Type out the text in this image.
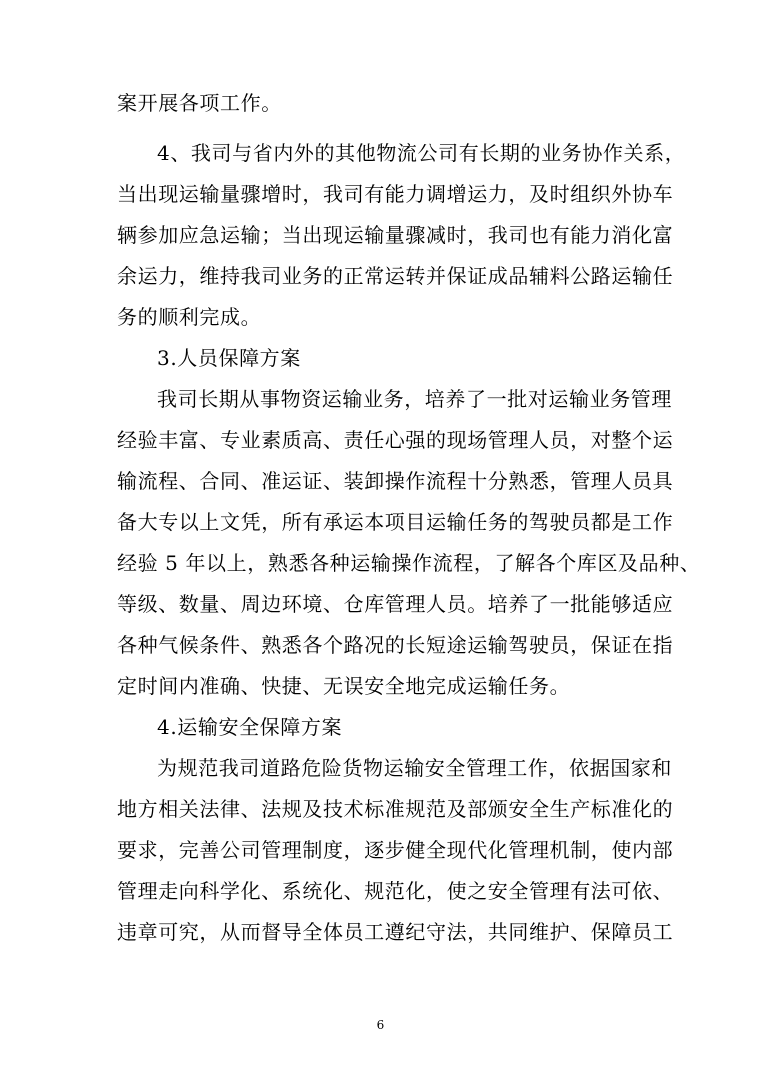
案开展各项工作。
4、我司与省内外的其他物流公司有长期的业务协作关系，
当出现运输量骤增时，我司有能力调增运力，及时组织外协车
辆参加应急运输；当出现运输量骤减时，我司也有能力消化富
余运力，维持我司业务的正常运转并保证成品辅料公路运输任
务的顺利完成。
3.人员保障方案
我司长期从事物资运输业务，培养了一批对运输业务管理
经验丰富、专业素质高、责任心强的现场管理人员，对整个运
输流程、合同、准运证、装卸操作流程十分熟悉，管理人员具
备大专以上文凭，所有承运本项目运输任务的驾驶员都是工作
经验 5 年以上，熟悉各种运输操作流程，了解各个库区及品种、
等级、数量、周边环境、仓库管理人员。培养了一批能够适应
各种气候条件、熟悉各个路况的长短途运输驾驶员，保证在指
定时间内准确、快捷、无误安全地完成运输任务。
4.运输安全保障方案
为规范我司道路危险货物运输安全管理工作，依据国家和
地方相关法律、法规及技术标准规范及部颁安全生产标准化的
要求，完善公司管理制度，逐步健全现代化管理机制，使内部
管理走向科学化、系统化、规范化，使之安全管理有法可依、
违章可究，从而督导全体员工遵纪守法，共同维护、保障员工
6
